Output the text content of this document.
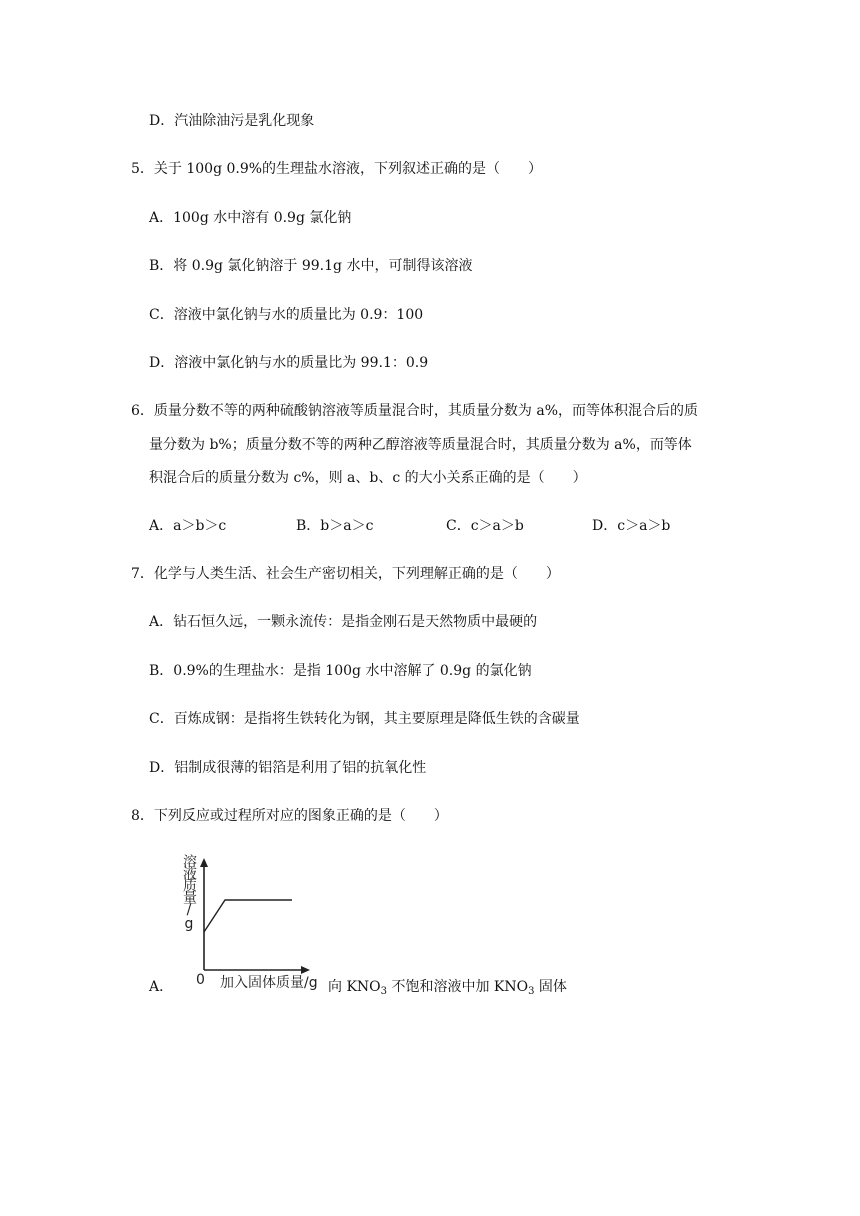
D．汽油除油污是乳化现象
5．关于 100g 0.9%的生理盐水溶液，下列叙述正确的是（　　）
A．100g 水中溶有 0.9g 氯化钠
B．将 0.9g 氯化钠溶于 99.1g 水中，可制得该溶液
C．溶液中氯化钠与水的质量比为 0.9：100
D．溶液中氯化钠与水的质量比为 99.1：0.9
6．质量分数不等的两种硫酸钠溶液等质量混合时，其质量分数为 a%，而等体积混合后的质
量分数为 b%；质量分数不等的两种乙醇溶液等质量混合时，其质量分数为 a%，而等体
积混合后的质量分数为 c%，则 a、b、c 的大小关系正确的是（　　）
A．a＞b＞c	B．b＞a＞c	C．c＞a＞b	D．c＞a＞b
7．化学与人类生活、社会生产密切相关，下列理解正确的是（　　）
A．钻石恒久远，一颗永流传：是指金刚石是天然物质中最硬的
B．0.9%的生理盐水：是指 100g 水中溶解了 0.9g 的氯化钠
C．百炼成钢：是指将生铁转化为钢，其主要原理是降低生铁的含碳量
D．铝制成很薄的铝箔是利用了铝的抗氧化性
8．下列反应或过程所对应的图象正确的是（　　）
溶液质量/g
0 加入固体质量/g
A．	向 $KNO_3$ 不饱和溶液中加 $KNO_3$ 固体
